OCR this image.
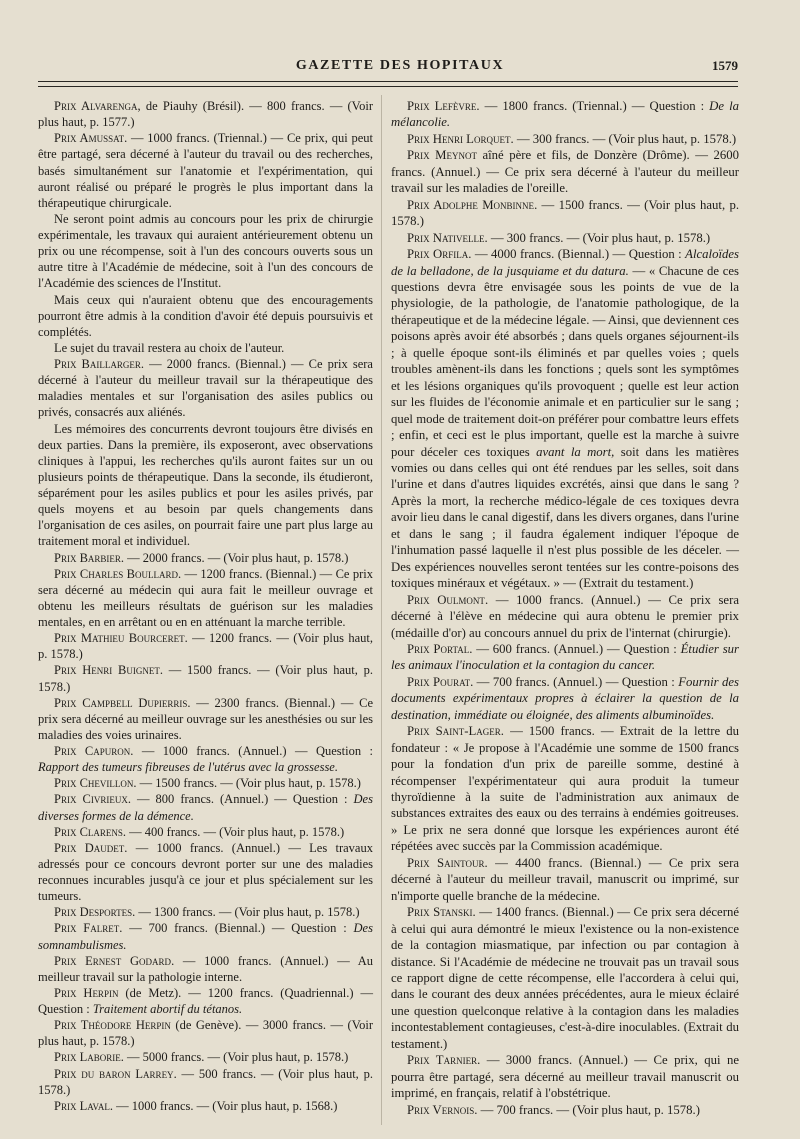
GAZETTE DES HOPITAUX	1579

Prix Alvarenga, de Piauhy (Brésil). — 800 francs. — (Voir plus haut, p. 1577.)

Prix Amussat. — 1000 francs. (Triennal.) — Ce prix, qui peut être partagé, sera décerné à l'auteur du travail ou des recherches, basés simultanément sur l'anatomie et l'expérimentation, qui auront réalisé ou préparé le progrès le plus important dans la thérapeutique chirurgicale.

Ne seront point admis au concours pour les prix de chirurgie expérimentale, les travaux qui auraient antérieurement obtenu un prix ou une récompense, soit à l'un des concours ouverts sous un autre titre à l'Académie de médecine, soit à l'un des concours de l'Académie des sciences de l'Institut.

Mais ceux qui n'auraient obtenu que des encouragements pourront être admis à la condition d'avoir été depuis poursuivis et complétés.

Le sujet du travail restera au choix de l'auteur.

Prix Baillarger. — 2000 francs. (Biennal.) — Ce prix sera décerné à l'auteur du meilleur travail sur la thérapeutique des maladies mentales et sur l'organisation des asiles publics ou privés, consacrés aux aliénés.

Les mémoires des concurrents devront toujours être divisés en deux parties. Dans la première, ils exposeront, avec observations cliniques à l'appui, les recherches qu'ils auront faites sur un ou plusieurs points de thérapeutique. Dans la seconde, ils étudieront, séparément pour les asiles publics et pour les asiles privés, par quels moyens et au besoin par quels changements dans l'organisation de ces asiles, on pourrait faire une part plus large au traitement moral et individuel.

Prix Barbier. — 2000 francs. — (Voir plus haut, p. 1578.)

Prix Charles Boullard. — 1200 francs. (Biennal.) — Ce prix sera décerné au médecin qui aura fait le meilleur ouvrage et obtenu les meilleurs résultats de guérison sur les maladies mentales, en en arrêtant ou en en atténuant la marche terrible.

Prix Mathieu Bourceret. — 1200 francs. — (Voir plus haut, p. 1578.)

Prix Henri Buignet. — 1500 francs. — (Voir plus haut, p. 1578.)

Prix Campbell Dupierris. — 2300 francs. (Biennal.) — Ce prix sera décerné au meilleur ouvrage sur les anesthésies ou sur les maladies des voies urinaires.

Prix Capuron. — 1000 francs. (Annuel.) — Question : Rapport des tumeurs fibreuses de l'utérus avec la grossesse.

Prix Chevillon. — 1500 francs. — (Voir plus haut, p. 1578.)

Prix Civrieux. — 800 francs. (Annuel.) — Question : Des diverses formes de la démence.

Prix Clarens. — 400 francs. — (Voir plus haut, p. 1578.)

Prix Daudet. — 1000 francs. (Annuel.) — Les travaux adressés pour ce concours devront porter sur une des maladies reconnues incurables jusqu'à ce jour et plus spécialement sur les tumeurs.

Prix Desportes. — 1300 francs. — (Voir plus haut, p. 1578.)

Prix Falret. — 700 francs. (Biennal.) — Question : Des somnambulismes.

Prix Ernest Godard. — 1000 francs. (Annuel.) — Au meilleur travail sur la pathologie interne.

Prix Herpin (de Metz). — 1200 francs. (Quadriennal.) — Question : Traitement abortif du tétanos.

Prix Théodore Herpin (de Genève). — 3000 francs. — (Voir plus haut, p. 1578.)

Prix Laborie. — 5000 francs. — (Voir plus haut, p. 1578.)

Prix du baron Larrey. — 500 francs. — (Voir plus haut, p. 1578.)

Prix Laval. — 1000 francs. — (Voir plus haut, p. 1568.)

Prix Lefèvre. — 1800 francs. (Triennal.) — Question : De la mélancolie.

Prix Henri Lorquet. — 300 francs. — (Voir plus haut, p. 1578.)

Prix Meynot aîné père et fils, de Donzère (Drôme). — 2600 francs. (Annuel.) — Ce prix sera décerné à l'auteur du meilleur travail sur les maladies de l'oreille.

Prix Adolphe Monbinne. — 1500 francs. — (Voir plus haut, p. 1578.)

Prix Nativelle. — 300 francs. — (Voir plus haut, p. 1578.)

Prix Orfila. — 4000 francs. (Biennal.) — Question : Alcaloïdes de la belladone, de la jusquiame et du datura. — « Chacune de ces questions devra être envisagée sous les points de vue de la physiologie, de la pathologie, de l'anatomie pathologique, de la thérapeutique et de la médecine légale. — Ainsi, que deviennent ces poisons après avoir été absorbés ; dans quels organes séjournent-ils ; à quelle époque sont-ils éliminés et par quelles voies ; quels troubles amènent-ils dans les fonctions ; quels sont les symptômes et les lésions organiques qu'ils provoquent ; quelle est leur action sur les fluides de l'économie animale et en particulier sur le sang ; quel mode de traitement doit-on préférer pour combattre leurs effets ; enfin, et ceci est le plus important, quelle est la marche à suivre pour déceler ces toxiques avant la mort, soit dans les matières vomies ou dans celles qui ont été rendues par les selles, soit dans l'urine et dans d'autres liquides excrétés, ainsi que dans le sang ? Après la mort, la recherche médico-légale de ces toxiques devra avoir lieu dans le canal digestif, dans les divers organes, dans l'urine et dans le sang ; il faudra également indiquer l'époque de l'inhumation passé laquelle il n'est plus possible de les déceler. — Des expériences nouvelles seront tentées sur les contre-poisons des toxiques minéraux et végétaux. » — (Extrait du testament.)

Prix Oulmont. — 1000 francs. (Annuel.) — Ce prix sera décerné à l'élève en médecine qui aura obtenu le premier prix (médaille d'or) au concours annuel du prix de l'internat (chirurgie).

Prix Portal. — 600 francs. (Annuel.) — Question : Étudier sur les animaux l'inoculation et la contagion du cancer.

Prix Pourat. — 700 francs. (Annuel.) — Question : Fournir des documents expérimentaux propres à éclairer la question de la destination, immédiate ou éloignée, des aliments albuminoïdes.

Prix Saint-Lager. — 1500 francs. — Extrait de la lettre du fondateur : « Je propose à l'Académie une somme de 1500 francs pour la fondation d'un prix de pareille somme, destiné à récompenser l'expérimentateur qui aura produit la tumeur thyroïdienne à la suite de l'administration aux animaux de substances extraites des eaux ou des terrains à endémies goitreuses. » Le prix ne sera donné que lorsque les expériences auront été répétées avec succès par la Commission académique.

Prix Saintour. — 4400 francs. (Biennal.) — Ce prix sera décerné à l'auteur du meilleur travail, manuscrit ou imprimé, sur n'importe quelle branche de la médecine.

Prix Stanski. — 1400 francs. (Biennal.) — Ce prix sera décerné à celui qui aura démontré le mieux l'existence ou la non-existence de la contagion miasmatique, par infection ou par contagion à distance. Si l'Académie de médecine ne trouvait pas un travail sous ce rapport digne de cette récompense, elle l'accordera à celui qui, dans le courant des deux années précédentes, aura le mieux éclairé une question quelconque relative à la contagion dans les maladies incontestablement contagieuses, c'est-à-dire inoculables. (Extrait du testament.)

Prix Tarnier. — 3000 francs. (Annuel.) — Ce prix, qui ne pourra être partagé, sera décerné au meilleur travail manuscrit ou imprimé, en français, relatif à l'obstétrique.

Prix Vernois. — 700 francs. — (Voir plus haut, p. 1578.)
